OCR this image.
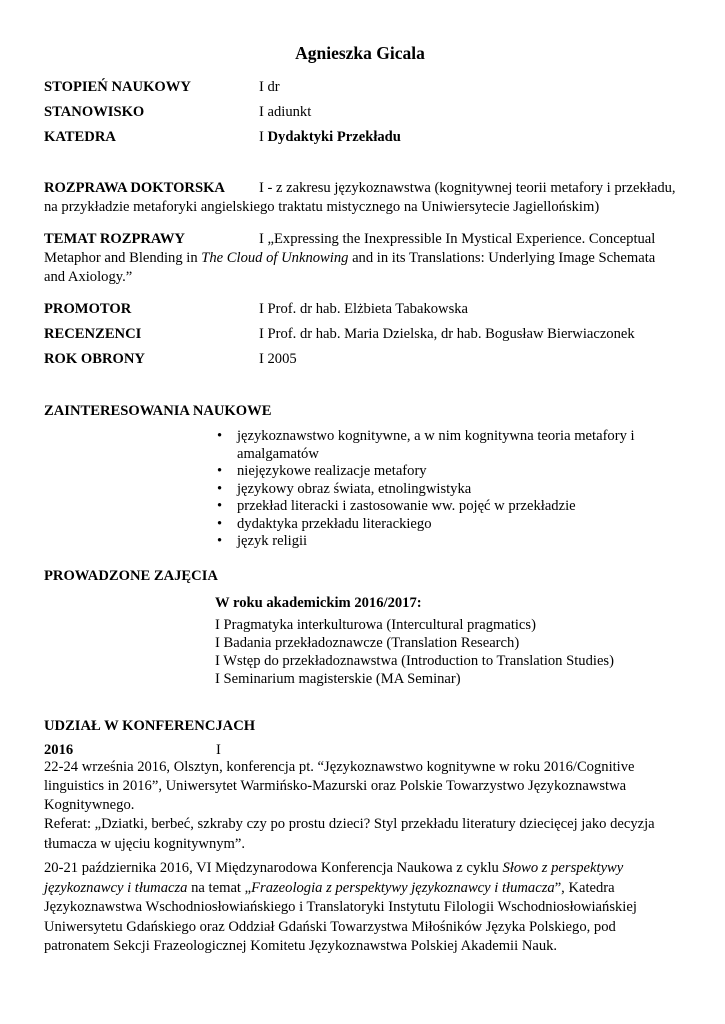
Agnieszka Gicala
STOPIEŃ NAUKOWY	I dr
STANOWISKO	I adiunkt
KATEDRA	I Dydaktyki Przekładu
ROZPRAWA DOKTORSKA I - z zakresu językoznawstwa (kognitywnej teorii metafory i przekładu,
na przykładzie metaforyki angielskiego traktatu mistycznego na Uniwiersytecie Jagiellońskim)
TEMAT ROZPRAWY	I „Expressing the Inexpressible In Mystical Experience. Conceptual
Metaphor and Blending in The Cloud of Unknowing and in its Translations: Underlying Image Schemata
and Axiology.”
PROMOTOR	I Prof. dr hab. Elżbieta Tabakowska
RECENZENCI	I Prof. dr hab. Maria Dzielska, dr hab. Bogusław Bierwiaczonek
ROK OBRONY	I 2005
ZAINTERESOWANIA NAUKOWE
• językoznawstwo kognitywne, a w nim kognitywna teoria metafory i amalgamatów
• niejęzykowe realizacje metafory
• językowy obraz świata, etnolingwistyka
• przekład literacki i zastosowanie ww. pojęć w przekładzie
• dydaktyka przekładu literackiego
• język religii
PROWADZONE ZAJĘCIA
W roku akademickim 2016/2017:
I Pragmatyka interkulturowa (Intercultural pragmatics)
I Badania przekładoznawcze (Translation Research)
I Wstęp do przekładoznawstwa (Introduction to Translation Studies)
I Seminarium magisterskie (MA Seminar)
UDZIAŁ W KONFERENCJACH
2016	I
22-24 września 2016, Olsztyn, konferencja pt. “Językoznawstwo kognitywne w roku 2016/Cognitive
linguistics in 2016”, Uniwersytet Warmińsko-Mazurski oraz Polskie Towarzystwo Językoznawstwa
Kognitywnego.
Referat: „Dziatki, berbeć, szkraby czy po prostu dzieci? Styl przekładu literatury dziecięcej jako decyzja
tłumacza w ujęciu kognitywnym”.
20-21 października 2016, VI Międzynarodowa Konferencja Naukowa z cyklu Słowo z perspektywy
językoznawcy i tłumacza na temat „Frazeologia z perspektywy językoznawcy i tłumacza”, Katedra
Językoznawstwa Wschodniosłowiańskiego i Translatoryki Instytutu Filologii Wschodniosłowiańskiej
Uniwersytetu Gdańskiego oraz Oddział Gdański Towarzystwa Miłośników Języka Polskiego, pod
patronatem Sekcji Frazeologicznej Komitetu Językoznawstwa Polskiej Akademii Nauk.
